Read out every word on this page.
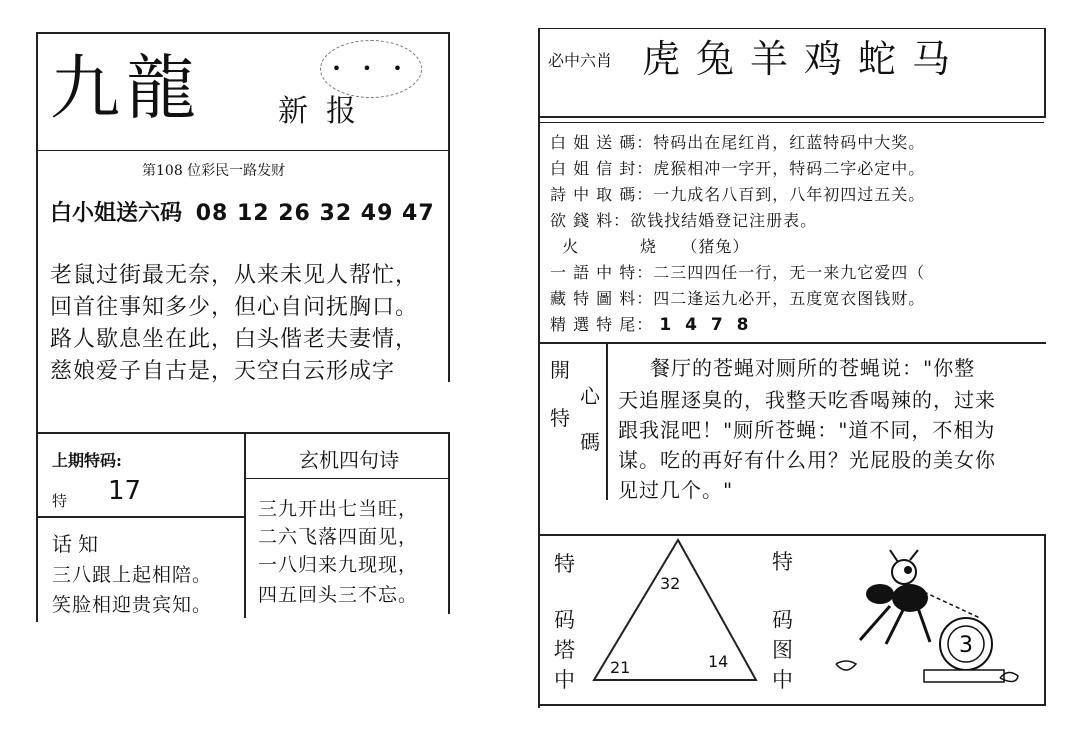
九龍	新报
• • •
第108 位彩民一路发财
白小姐送六码 08 12 26 32 49 47
老鼠过街最无奈，从来未见人帮忙，
回首往事知多少，但心自问抚胸口。
路人歇息坐在此，白头偕老夫妻情，
慈娘爱子自古是，天空白云形成字
上期特码:
特 17
玄机四句诗
三九开出七当旺，
二六飞落四面见，
一八归来九现现，
四五回头三不忘。
话知
三八跟上起相陪。
笑脸相迎贵宾知。
必中六肖 虎兔羊鸡蛇马
白 姐 送 碼：特码出在尾红肖，红蓝特码中大奖。
白 姐 信 封：虎猴相冲一字开，特码二字必定中。
詩 中 取 碼：一九成名八百到，八年初四过五关。
欲 錢 料：欲钱找结婚登记注册表。
火          烧    （猪兔）
一 語 中 特：二三四四任一行，无一来九它爱四（
藏 特 圖 料：四二逢运九必开，五度宽衣图钱财。
精 選 特 尾： 1 4 7 8
開
心
特
碼
餐厅的苍蝇对厕所的苍蝇说："你整
天追腥逐臭的，我整天吃香喝辣的，过来
跟我混吧！"厕所苍蝇："道不同，不相为
谋。吃的再好有什么用？光屁股的美女你
见过几个。"
特
码
塔
中
32
21	14
特
码
图
中
3
